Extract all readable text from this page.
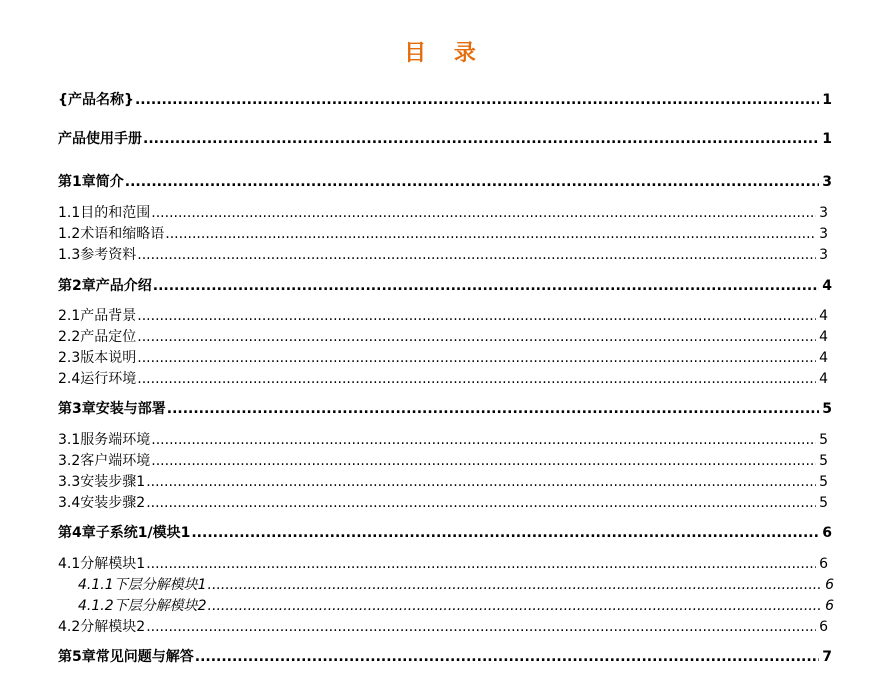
目 录
{产品名称} .....	1
产品使用手册 .....	1
第1章 简介 .....	3
1.1 目的和范围 .....	3
1.2 术语和缩略语 .....	3
1.3 参考资料 .....	3
第2章 产品介绍 .....	4
2.1 产品背景 .....	4
2.2 产品定位 .....	4
2.3 版本说明 .....	4
2.4 运行环境 .....	4
第3章 安装与部署 .....	5
3.1 服务端环境 .....	5
3.2 客户端环境 .....	5
3.3 安装步骤1 .....	5
3.4 安装步骤2 .....	5
第4章 子系统1/模块1 .....	6
4.1 分解模块1 .....	6
4.1.1 下层分解模块1 .....	6
4.1.2 下层分解模块2 .....	6
4.2 分解模块2 .....	6
第5章 常见问题与解答 .....	7
